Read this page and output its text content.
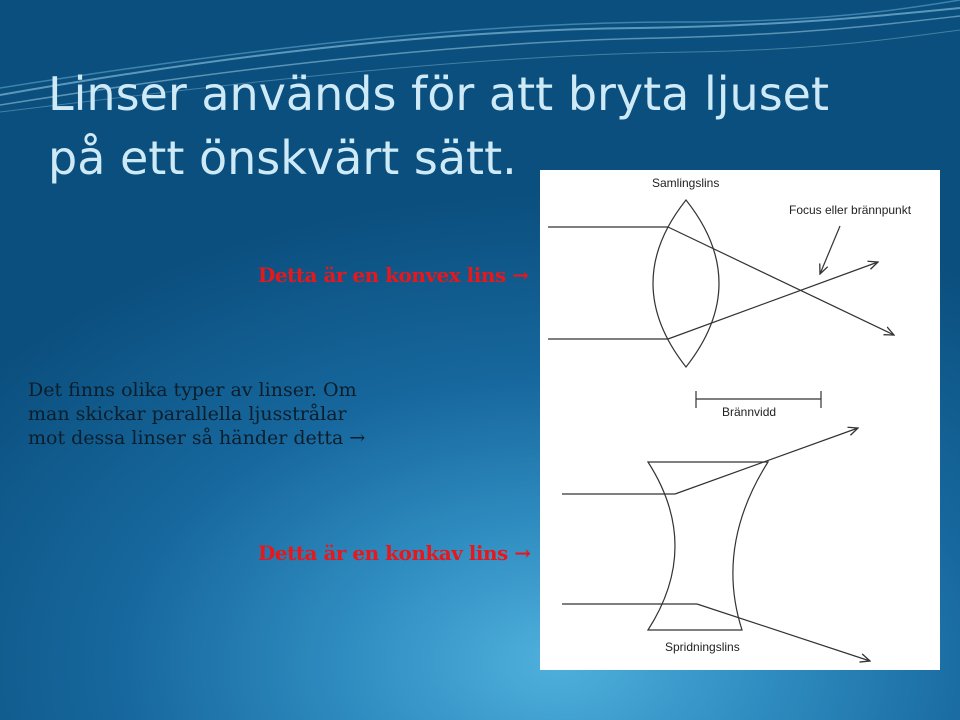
Linser används för att bryta ljuset
på ett önskvärt sätt.
Detta är en konvex lins →
Det finns olika typer av linser. Om
man skickar parallella ljusstrålar
mot dessa linser så händer detta →
Samlingslins
Focus eller brännpunkt
Brännvidd
Spridningslins
Detta är en konkav lins →
